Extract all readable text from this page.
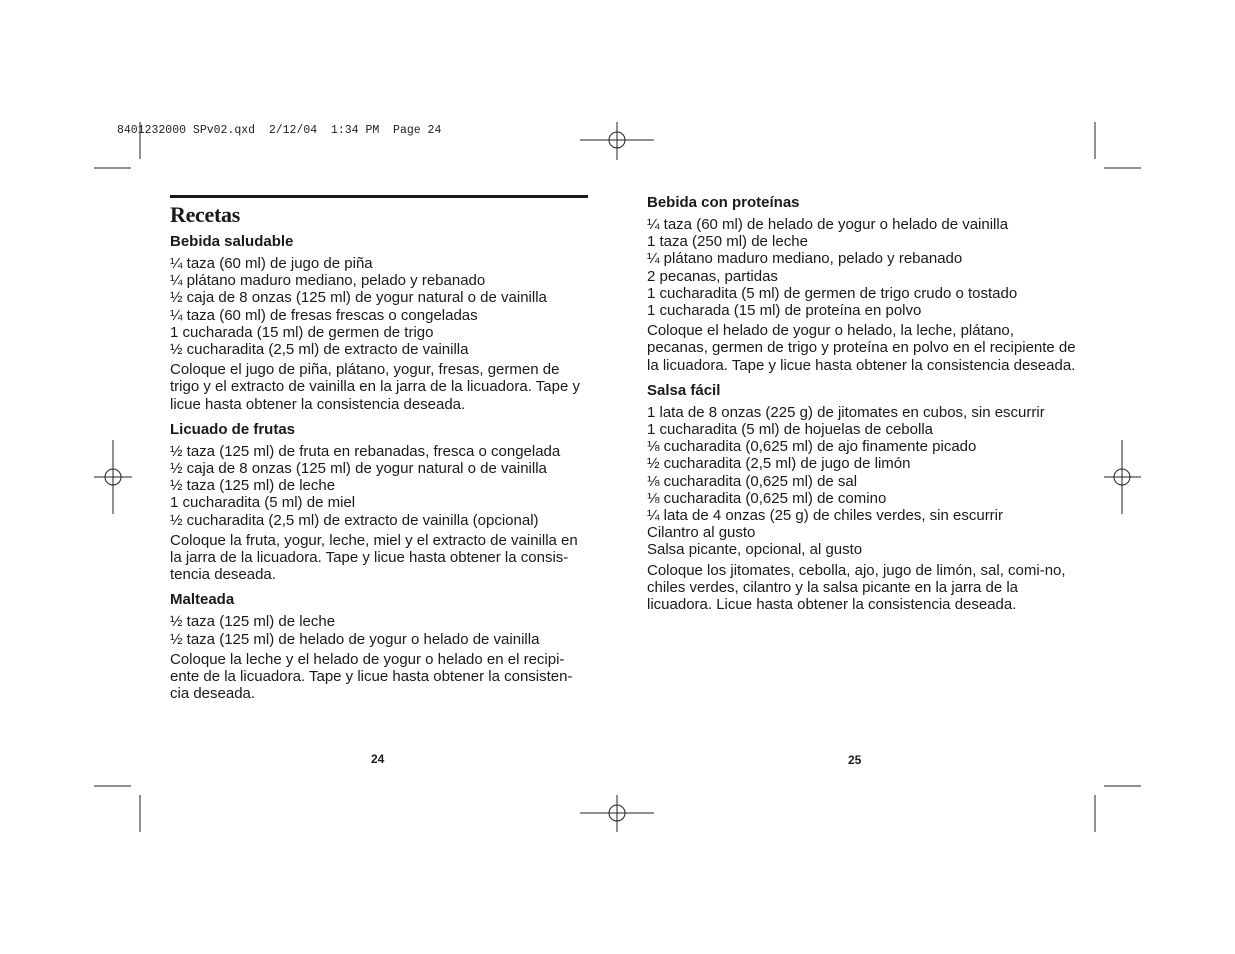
8401232000 SPv02.qxd  2/12/04  1:34 PM  Page 24
Recetas
Bebida saludable
¼ taza (60 ml) de jugo de piña
¼ plátano maduro mediano, pelado y rebanado
½ caja de 8 onzas (125 ml) de yogur natural o de vainilla
¼ taza (60 ml) de fresas frescas o congeladas
1 cucharada (15 ml) de germen de trigo
½ cucharadita (2,5 ml) de extracto de vainilla

Coloque el jugo de piña, plátano, yogur, fresas, germen de trigo y el extracto de vainilla en la jarra de la licuadora. Tape y licue hasta obtener la consistencia deseada.

Licuado de frutas
½ taza (125 ml) de fruta en rebanadas, fresca o congelada
½ caja de 8 onzas (125 ml) de yogur natural o de vainilla
½ taza (125 ml) de leche
1 cucharadita (5 ml) de miel
½ cucharadita (2,5 ml) de extracto de vainilla (opcional)

Coloque la fruta, yogur, leche, miel y el extracto de vainilla en la jarra de la licuadora. Tape y licue hasta obtener la consis-tencia deseada.

Malteada
½ taza (125 ml) de leche
½ taza (125 ml) de helado de yogur o helado de vainilla

Coloque la leche y el helado de yogur o helado en el recipi-ente de la licuadora. Tape y licue hasta obtener la consisten-cia deseada.

Bebida con proteínas
¼ taza (60 ml) de helado de yogur o helado de vainilla
1 taza (250 ml) de leche
¼ plátano maduro mediano, pelado y rebanado
2 pecanas, partidas
1 cucharadita (5 ml) de germen de trigo crudo o tostado
1 cucharada (15 ml) de proteína en polvo

Coloque el helado de yogur o helado, la leche, plátano, pecanas, germen de trigo y proteína en polvo en el recipiente de la licuadora. Tape y licue hasta obtener la consistencia deseada.

Salsa fácil
1 lata de 8 onzas (225 g) de jitomates en cubos, sin escurrir
1 cucharadita (5 ml) de hojuelas de cebolla
⅛ cucharadita (0,625 ml) de ajo finamente picado
½ cucharadita (2,5 ml) de jugo de limón
⅛ cucharadita (0,625 ml) de sal
⅛ cucharadita (0,625 ml) de comino
¼ lata de 4 onzas (25 g) de chiles verdes, sin escurrir
Cilantro al gusto
Salsa picante, opcional, al gusto

Coloque los jitomates, cebolla, ajo, jugo de limón, sal, comi-no, chiles verdes, cilantro y la salsa picante en la jarra de la licuadora. Licue hasta obtener la consistencia deseada.

24	25
